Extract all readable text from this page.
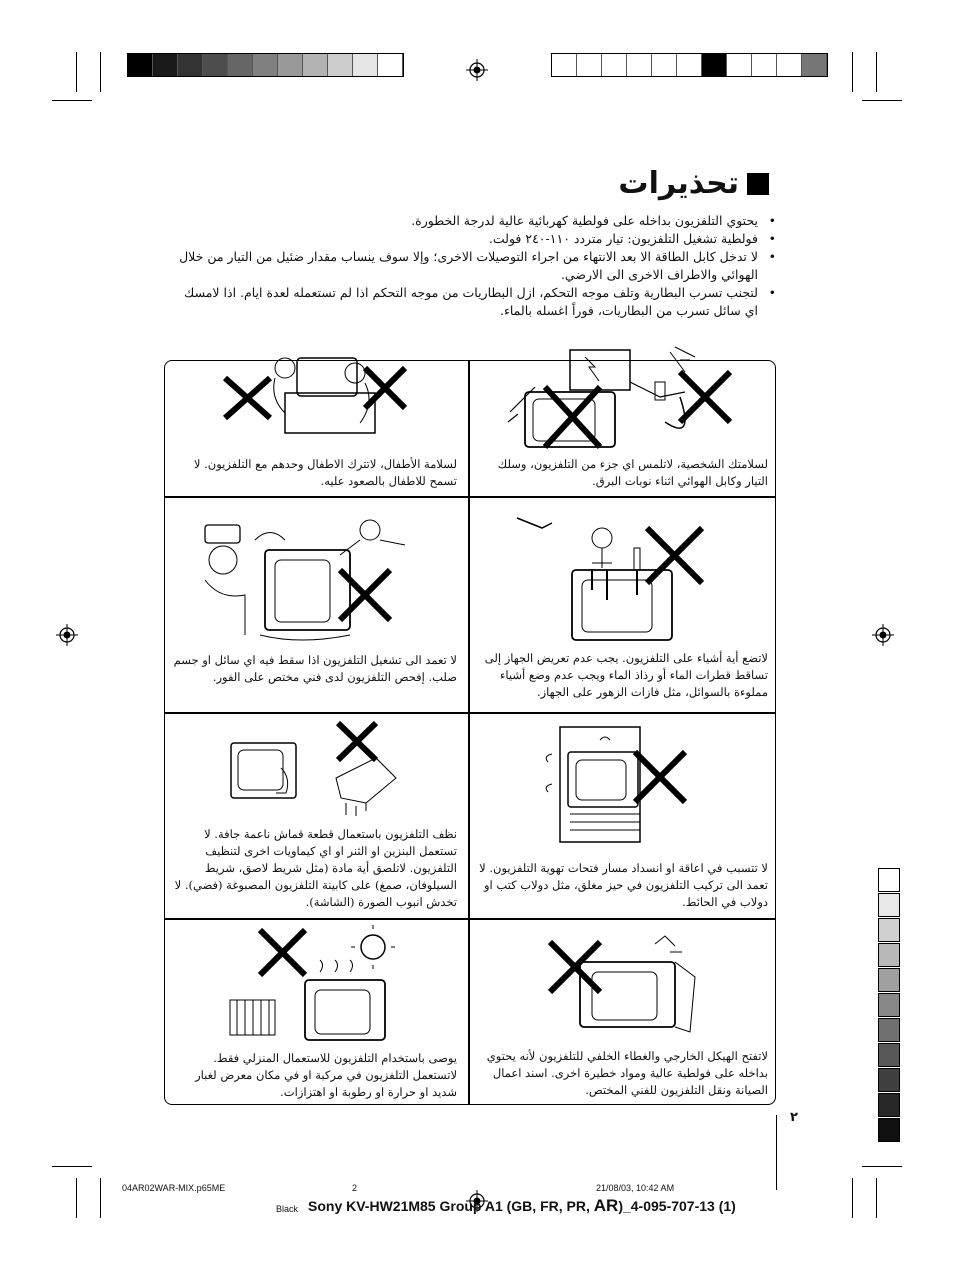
تحذيرات
• يحتوي التلفزيون بداخله على فولطية كهربائية عالية لدرجة الخطورة.
• فولطية تشغيل التلفزيون: تيار متردد ١١٠-٢٤٠ فولت.
• لا تدخل كابل الطاقة الا بعد الانتهاء من اجراء التوصيلات الاخرى؛ وإلا سوف ينساب مقدار ضئيل من التيار من خلال الهوائي والاطراف الاخرى الى الارضي.
• لتجنب تسرب البطارية وتلف موجه التحكم، ازل البطاريات من موجه التحكم اذا لم تستعمله لعدة ايام. اذا لامسك اي سائل تسرب من البطاريات، فوراً اغسله بالماء.
لسلامتك الشخصية، لاتلمس اي جزء من التلفزيون، وسلك التيار وكابل الهوائي اثناء نوبات البرق.
لسلامة الأطفال، لاتترك الاطفال وحدهم مع التلفزيون. لا تسمح للاطفال بالصعود عليه.
لاتضع أية أشياء على التلفزيون. يجب عدم تعريض الجهاز إلى تساقط قطرات الماء أو رذاذ الماء ويجب عدم وضع أشياء مملوءة بالسوائل، مثل فازات الزهور على الجهاز.
لا تعمد الى تشغيل التلفزيون اذا سقط فيه اي سائل او جسم صلب. إفحص التلفزيون لدى فني مختص على الفور.
لا تتسبب في اعاقة او انسداد مسار فتحات تهوية التلفزيون. لا تعمد الى تركيب التلفزيون في حيز مغلق، مثل دولاب كتب او دولاب في الحائط.
نظف التلفزيون باستعمال قطعة قماش ناعمة جافة. لا تستعمل البنزين او الثنر او اي كيماويات اخرى لتنظيف التلفزيون. لاتلصق أية مادة (مثل شريط لاصق، شريط السيلوفان، صمغ) على كابينة التلفزيون المصبوغة (فضي). لا تخدش انبوب الصورة (الشاشة).
لاتفتح الهيكل الخارجي والغطاء الخلفي للتلفزيون لأنه يحتوي بداخله على فولطية عالية ومواد خطيرة اخرى. اسند اعمال الصيانة ونقل التلفزيون للفني المختص.
يوصى باستخدام التلفزيون للاستعمال المنزلي فقط. لاتستعمل التلفزيون في مركبة او في مكان معرض لغبار شديد او حرارة او رطوبة او اهتزازات.
٢
04AR02WAR-MIX.p65ME	2	21/08/03, 10:42 AM
Black Sony KV-HW21M85 Group A1 (GB, FR, PR, AR)_4-095-707-13 (1)
